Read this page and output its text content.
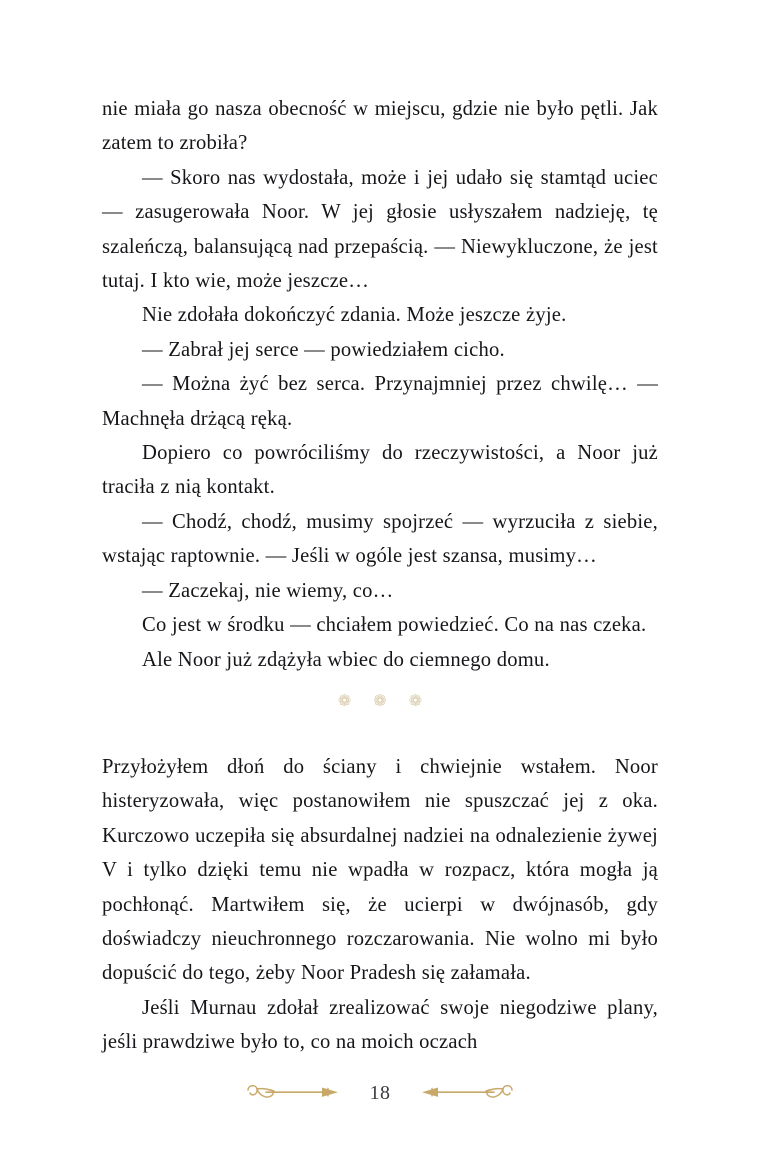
nie miała go nasza obecność w miejscu, gdzie nie było pętli. Jak zatem to zrobiła?

— Skoro nas wydostała, może i jej udało się stamtąd uciec — zasugerowała Noor. W jej głosie usłyszałem nadzieję, tę szaleńczą, balansującą nad przepaścią. — Niewykluczone, że jest tutaj. I kto wie, może jeszcze…

Nie zdołała dokończyć zdania. Może jeszcze żyje.

— Zabrał jej serce — powiedziałem cicho.

— Można żyć bez serca. Przynajmniej przez chwilę… — Machnęła drżącą ręką.

Dopiero co powróciliśmy do rzeczywistości, a Noor już traciła z nią kontakt.

— Chodź, chodź, musimy spojrzeć — wyrzuciła z siebie, wstając raptownie. — Jeśli w ogóle jest szansa, musimy…

— Zaczekaj, nie wiemy, co…

Co jest w środku — chciałem powiedzieć. Co na nas czeka.

Ale Noor już zdążyła wbiec do ciemnego domu.

❁ ❁ ❁

Przyłożyłem dłoń do ściany i chwiejnie wstałem. Noor histeryzowała, więc postanowiłem nie spuszczać jej z oka. Kurczowo uczepiła się absurdalnej nadziei na odnalezienie żywej V i tylko dzięki temu nie wpadła w rozpacz, która mogła ją pochłonąć. Martwiłem się, że ucierpi w dwójnasób, gdy doświadczy nieuchronnego rozczarowania. Nie wolno mi było dopuścić do tego, żeby Noor Pradesh się załamała.

Jeśli Murnau zdołał zrealizować swoje niegodziwe plany, jeśli prawdziwe było to, co na moich oczach

18
